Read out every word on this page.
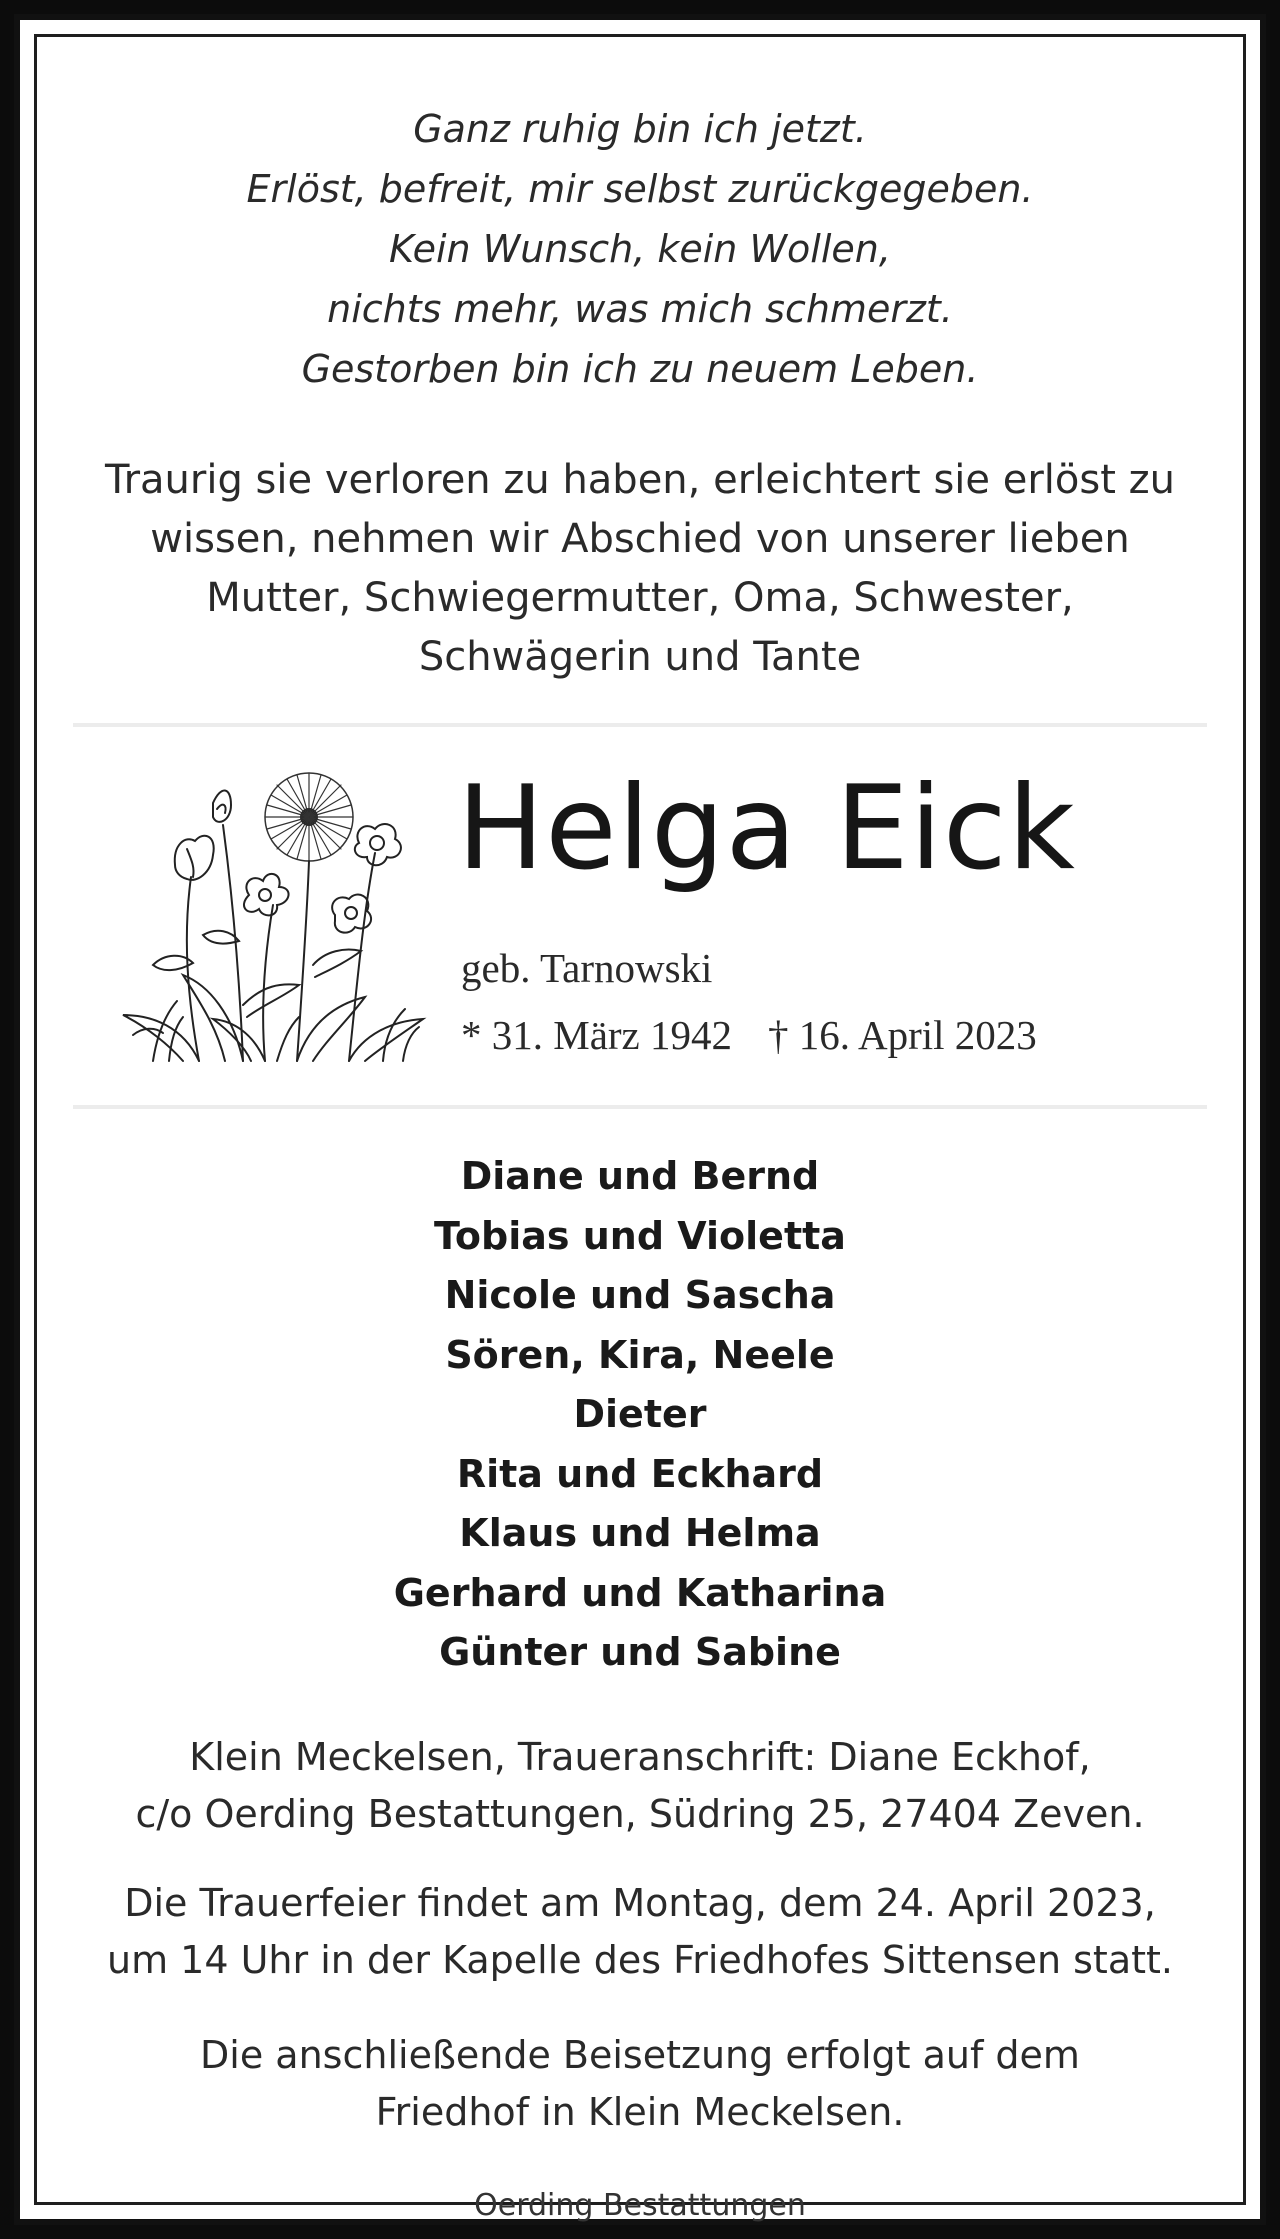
Ganz ruhig bin ich jetzt.
Erlöst, befreit, mir selbst zurückgegeben.
Kein Wunsch, kein Wollen,
nichts mehr, was mich schmerzt.
Gestorben bin ich zu neuem Leben.
Traurig sie verloren zu haben, erleichtert sie erlöst zu
wissen, nehmen wir Abschied von unserer lieben
Mutter, Schwiegermutter, Oma, Schwester,
Schwägerin und Tante
Helga Eick
geb. Tarnowski
* 31. März 1942 † 16. April 2023
Diane und Bernd
Tobias und Violetta
Nicole und Sascha
Sören, Kira, Neele
Dieter
Rita und Eckhard
Klaus und Helma
Gerhard und Katharina
Günter und Sabine
Klein Meckelsen, Traueranschrift: Diane Eckhof,
c/o Oerding Bestattungen, Südring 25, 27404 Zeven.
Die Trauerfeier findet am Montag, dem 24. April 2023,
um 14 Uhr in der Kapelle des Friedhofes Sittensen statt.
Die anschließende Beisetzung erfolgt auf dem
Friedhof in Klein Meckelsen.
Oerding Bestattungen
